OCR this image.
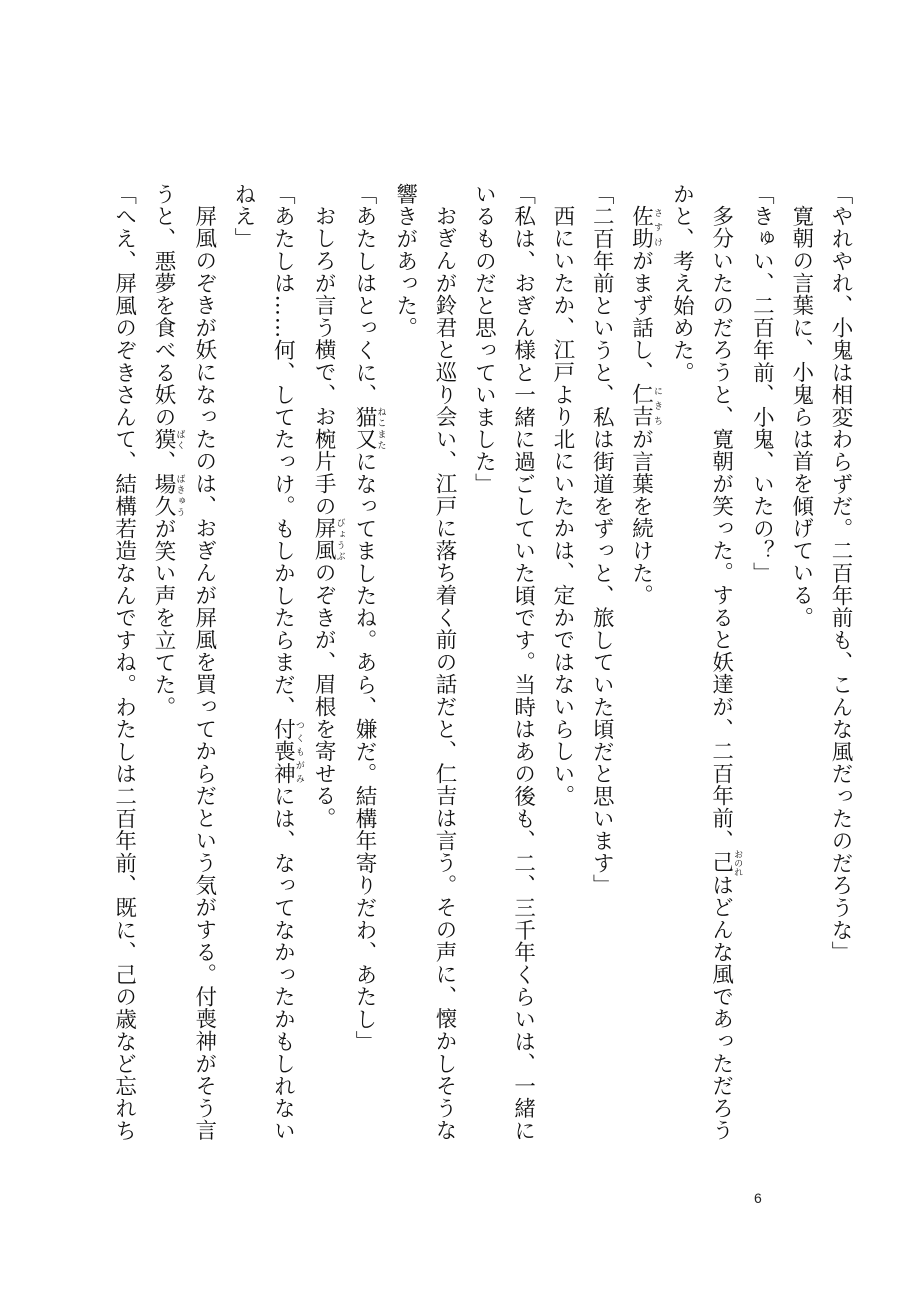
「やれやれ、小鬼は相変わらずだ。二百年前も、こんな風だったのだろうな」
寛朝の言葉に、小鬼らは首を傾げている。
「きゅい、二百年前、小鬼、いたの？」
多分いたのだろうと、寛朝が笑った。すると妖達が、二百年前、己おのれはどんな風であっただろう
かと、考え始めた。
佐助さすけがまず話し、仁吉にきちが言葉を続けた。
「二百年前というと、私は街道をずっと、旅していた頃だと思います」
西にいたか、江戸より北にいたかは、定かではないらしい。
「私は、おぎん様と一緒に過ごしていた頃です。当時はあの後も、二、三千年くらいは、一緒に
いるものだと思っていました」
おぎんが鈴君と巡り会い、江戸に落ち着く前の話だと、仁吉は言う。その声に、懐かしそうな
響きがあった。
「あたしはとっくに、猫又ねこまたになってましたね。あら、嫌だ。結構年寄りだわ、あたし」
おしろが言う横で、お椀片手の屏風びょうぶのぞきが、眉根を寄せる。
「あたしは……何、してたっけ。もしかしたらまだ、付喪神つくもがみには、なってなかったかもしれない
ねえ」
屏風のぞきが妖になったのは、おぎんが屏風を買ってからだという気がする。付喪神がそう言
うと、悪夢を食べる妖の獏ばく、場久ばきゅうが笑い声を立てた。
「へえ、屏風のぞきさんて、結構若造なんですね。わたしは二百年前、既に、己の歳など忘れち
6
